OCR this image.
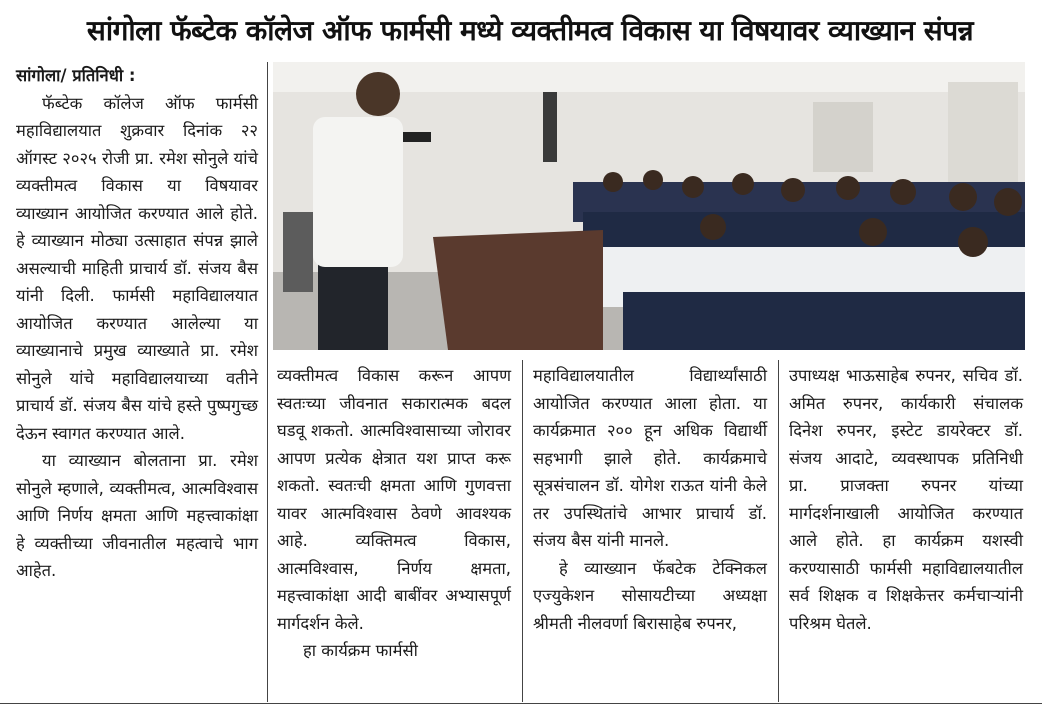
सांगोला फॅब्टेक कॉलेज ऑफ फार्मसी मध्ये व्यक्तीमत्व विकास या विषयावर व्याख्यान संपन्न

सांगोला/ प्रतिनिधी :

फॅब्टेक कॉलेज ऑफ फार्मसी महाविद्यालयात शुक्रवार दिनांक २२ ऑगस्ट २०२५ रोजी प्रा. रमेश सोनुले यांचे व्यक्तीमत्व विकास या विषयावर व्याख्यान आयोजित करण्यात आले होते. हे व्याख्यान मोठ्या उत्साहात संपन्न झाले असल्याची माहिती प्राचार्य डॉ. संजय बैस यांनी दिली. फार्मसी महाविद्यालयात आयोजित करण्यात आलेल्या या व्याख्यानाचे प्रमुख व्याख्याते प्रा. रमेश सोनुले यांचे महाविद्यालयाच्या वतीने प्राचार्य डॉ. संजय बैस यांचे हस्ते पुष्पगुच्छ देऊन स्वागत करण्यात आले.

या व्याख्यान बोलताना प्रा. रमेश सोनुले म्हणाले, व्यक्तीमत्व, आत्मविश्वास आणि निर्णय क्षमता आणि महत्त्वाकांक्षा हे व्यक्तीच्या जीवनातील महत्वाचे भाग आहेत.

व्यक्तीमत्व विकास करून आपण स्वतःच्या जीवनात सकारात्मक बदल घडवू शकतो. आत्मविश्वासाच्या जोरावर आपण प्रत्येक क्षेत्रात यश प्राप्त करू शकतो. स्वतःची क्षमता आणि गुणवत्ता यावर आत्मविश्वास ठेवणे आवश्यक आहे. व्यक्तिमत्व विकास, आत्मविश्वास, निर्णय क्षमता, महत्त्वाकांक्षा आदी बाबींवर अभ्यासपूर्ण मार्गदर्शन केले.

हा कार्यक्रम फार्मसी

महाविद्यालयातील विद्यार्थ्यांसाठी आयोजित करण्यात आला होता. या कार्यक्रमात २०० हून अधिक विद्यार्थी सहभागी झाले होते. कार्यक्रमाचे सूत्रसंचालन डॉ. योगेश राऊत यांनी केले तर उपस्थितांचे आभार प्राचार्य डॉ. संजय बैस यांनी मानले.

हे व्याख्यान फॅबटेक टेक्निकल एज्युकेशन सोसायटीच्या अध्यक्षा श्रीमती नीलवर्णा बिरासाहेब रुपनर,

उपाध्यक्ष भाऊसाहेब रुपनर, सचिव डॉ. अमित रुपनर, कार्यकारी संचालक दिनेश रुपनर, इस्टेट डायरेक्टर डॉ. संजय आदाटे, व्यवस्थापक प्रतिनिधी प्रा. प्राजक्ता रुपनर यांच्या मार्गदर्शनाखाली आयोजित करण्यात आले होते. हा कार्यक्रम यशस्वी करण्यासाठी फार्मसी महाविद्यालयातील सर्व शिक्षक व शिक्षकेत्तर कर्मचाऱ्यांनी परिश्रम घेतले.
